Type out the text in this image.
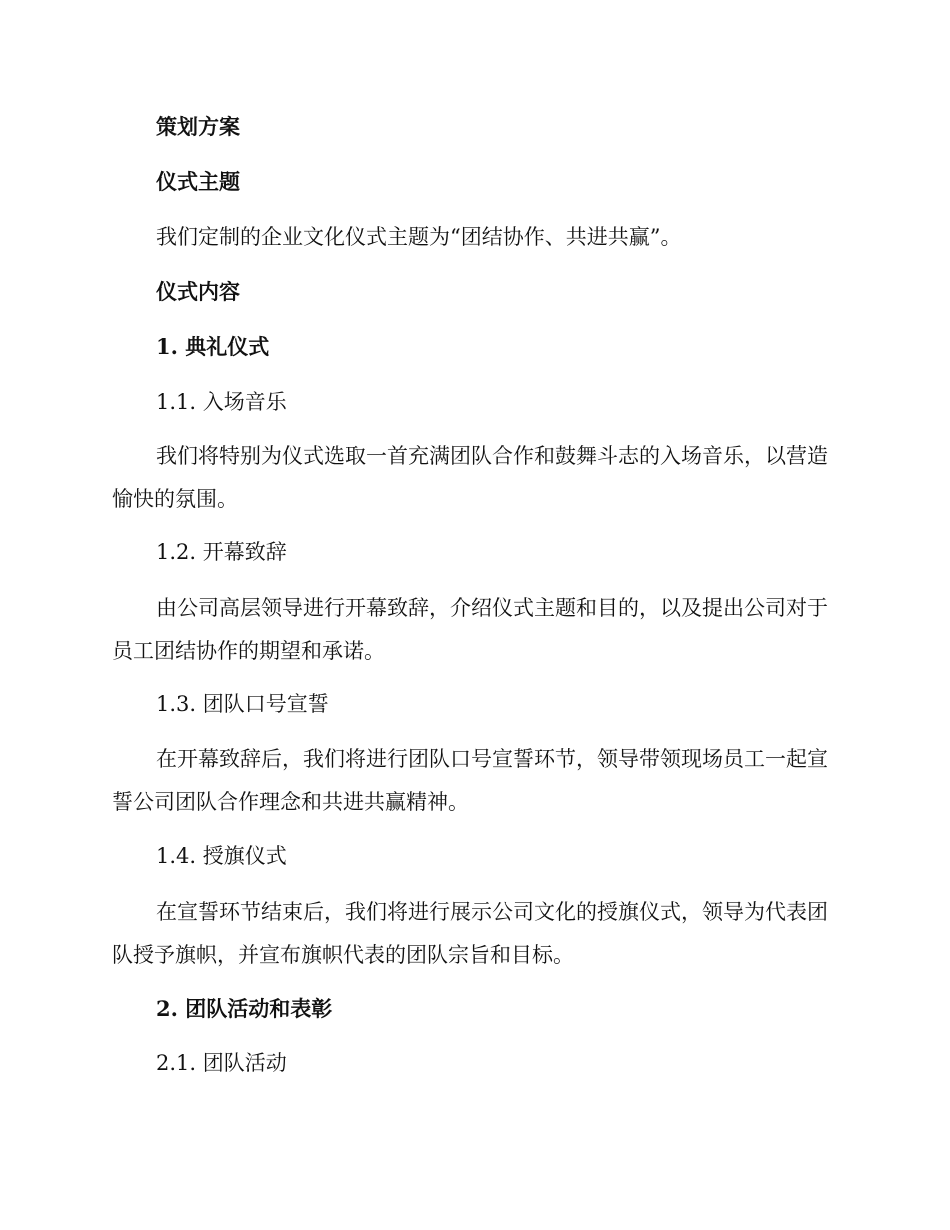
策划方案
仪式主题
我们定制的企业文化仪式主题为“团结协作、共进共赢”。
仪式内容
1. 典礼仪式
1.1. 入场音乐
我们将特别为仪式选取一首充满团队合作和鼓舞斗志的入场音乐，以营造愉快的氛围。
1.2. 开幕致辞
由公司高层领导进行开幕致辞，介绍仪式主题和目的，以及提出公司对于员工团结协作的期望和承诺。
1.3. 团队口号宣誓
在开幕致辞后，我们将进行团队口号宣誓环节，领导带领现场员工一起宣誓公司团队合作理念和共进共赢精神。
1.4. 授旗仪式
在宣誓环节结束后，我们将进行展示公司文化的授旗仪式，领导为代表团队授予旗帜，并宣布旗帜代表的团队宗旨和目标。
2. 团队活动和表彰
2.1. 团队活动
